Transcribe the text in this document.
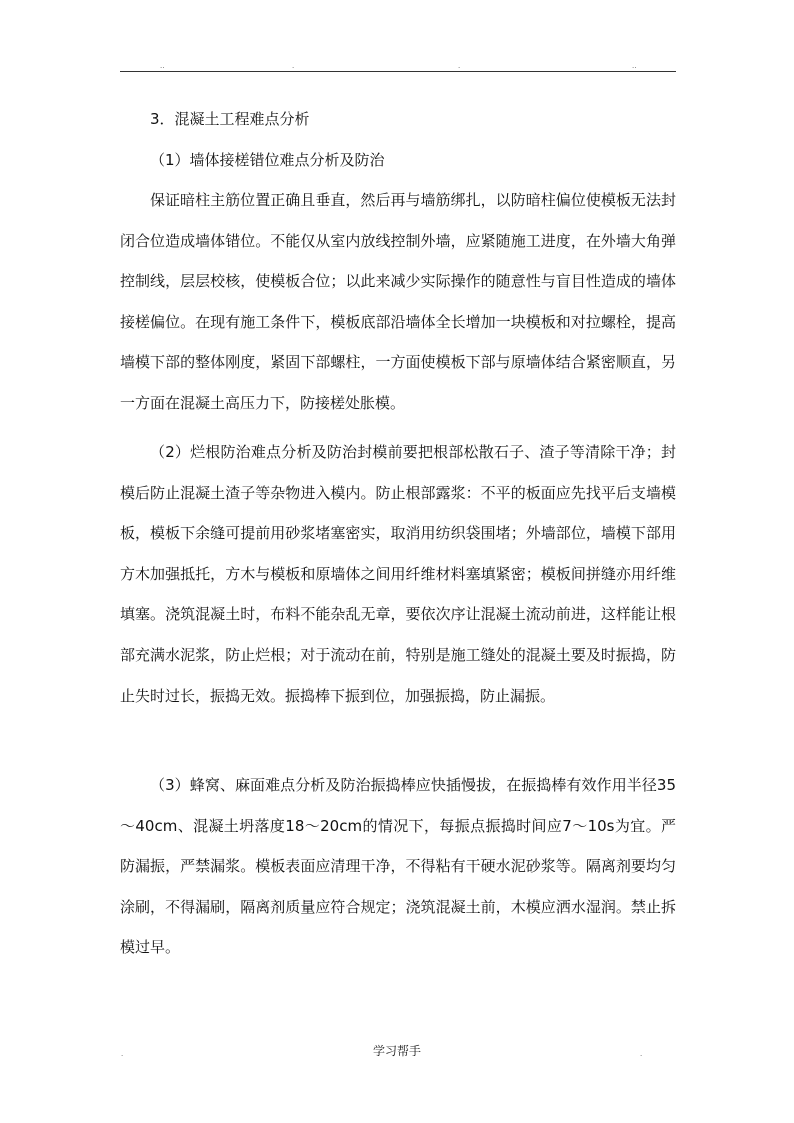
..	.	.	..
3．混凝土工程难点分析
（1）墙体接槎错位难点分析及防治
保证暗柱主筋位置正确且垂直，然后再与墙筋绑扎，以防暗柱偏位使模板无法封闭合位造成墙体错位。不能仅从室内放线控制外墙，应紧随施工进度，在外墙大角弹控制线，层层校核，使模板合位；以此来减少实际操作的随意性与盲目性造成的墙体接槎偏位。在现有施工条件下，模板底部沿墙体全长增加一块模板和对拉螺栓，提高墙模下部的整体刚度，紧固下部螺柱，一方面使模板下部与原墙体结合紧密顺直，另一方面在混凝土高压力下，防接槎处胀模。
（2）烂根防治难点分析及防治封模前要把根部松散石子、渣子等清除干净；封模后防止混凝土渣子等杂物进入模内。防止根部露浆：不平的板面应先找平后支墙模板，模板下余缝可提前用砂浆堵塞密实，取消用纺织袋围堵；外墙部位，墙模下部用方木加强抵托，方木与模板和原墙体之间用纤维材料塞填紧密；模板间拼缝亦用纤维填塞。浇筑混凝土时，布料不能杂乱无章，要依次序让混凝土流动前进，这样能让根部充满水泥浆，防止烂根；对于流动在前，特别是施工缝处的混凝土要及时振捣，防止失时过长，振捣无效。振捣棒下振到位，加强振捣，防止漏振。
（3）蜂窝、麻面难点分析及防治振捣棒应快插慢拔，在振捣棒有效作用半径35～40cm、混凝土坍落度18～20cm的情况下，每振点振捣时间应7～10s为宜。严防漏振，严禁漏浆。模板表面应清理干净，不得粘有干硬水泥砂浆等。隔离剂要均匀涂刷，不得漏刷，隔离剂质量应符合规定；浇筑混凝土前，木模应洒水湿润。禁止拆模过早。
.	学习帮手	.
